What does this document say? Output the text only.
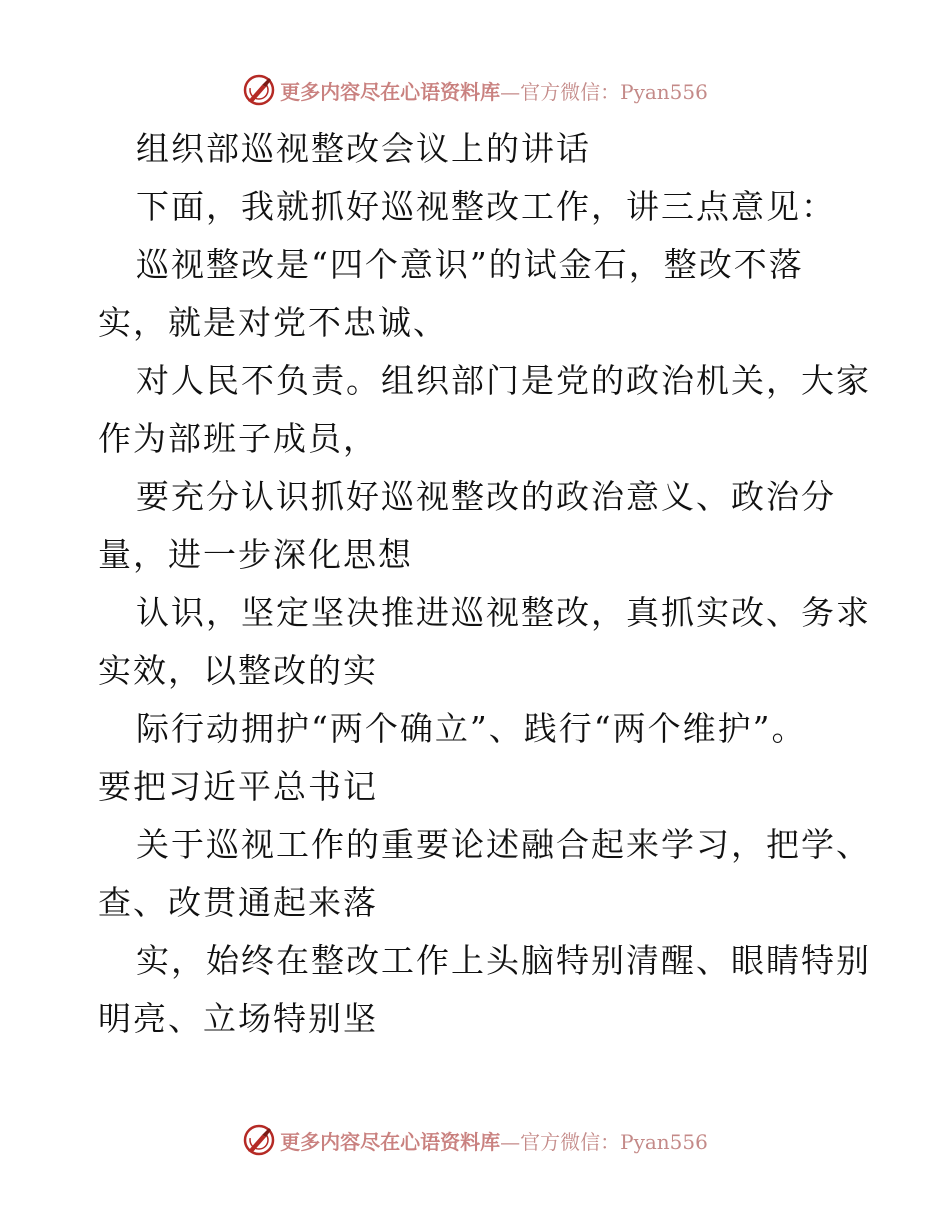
更多内容尽在心语资料库—官方微信：Pyan556
组织部巡视整改会议上的讲话
下面，我就抓好巡视整改工作，讲三点意见：
巡视整改是“四个意识”的试金石，整改不落
实，就是对党不忠诚、
对人民不负责。组织部门是党的政治机关，大家
作为部班子成员，
要充分认识抓好巡视整改的政治意义、政治分
量，进一步深化思想
认识，坚定坚决推进巡视整改，真抓实改、务求
实效，以整改的实
际行动拥护“两个确立”、践行“两个维护”。
要把习近平总书记
关于巡视工作的重要论述融合起来学习，把学、
查、改贯通起来落
实，始终在整改工作上头脑特别清醒、眼睛特别
明亮、立场特别坚
更多内容尽在心语资料库—官方微信：Pyan556
